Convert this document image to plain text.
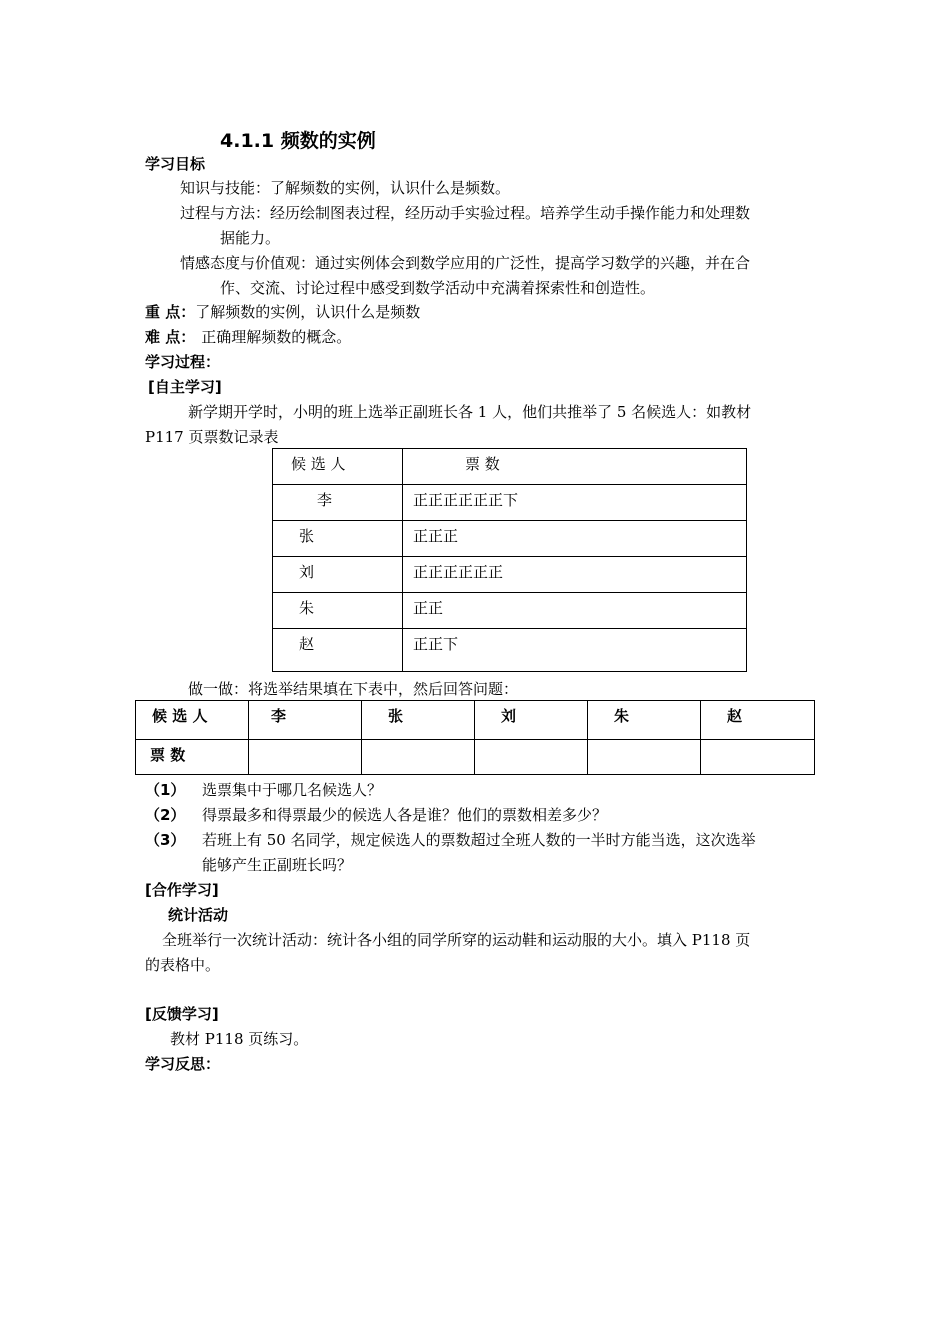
4.1.1 频数的实例
学习目标
知识与技能：了解频数的实例，认识什么是频数。
过程与方法：经历绘制图表过程，经历动手实验过程。培养学生动手操作能力和处理数
据能力。
情感态度与价值观：通过实例体会到数学应用的广泛性，提高学习数学的兴趣，并在合
作、交流、讨论过程中感受到数学活动中充满着探索性和创造性。
重 点：了解频数的实例，认识什么是频数
难 点： 正确理解频数的概念。
学习过程：
[自主学习]
新学期开学时，小明的班上选举正副班长各 1 人，他们共推举了 5 名候选人：如教材
P117 页票数记录表
候 选 人	票 数

李	正正正正正正下

张	正正正

刘	正正正正正正

朱	正正

赵	正正下
做一做：将选举结果填在下表中，然后回答问题：
候 选 人	李	张	刘	朱	赵

票 数					

（1） 选票集中于哪几名候选人？
（2） 得票最多和得票最少的候选人各是谁？他们的票数相差多少？
（3） 若班上有 50 名同学，规定候选人的票数超过全班人数的一半时方能当选，这次选举
能够产生正副班长吗？
[合作学习]
统计活动
全班举行一次统计活动：统计各小组的同学所穿的运动鞋和运动服的大小。填入 P118 页
的表格中。
[反馈学习]
教材 P118 页练习。
学习反思：
